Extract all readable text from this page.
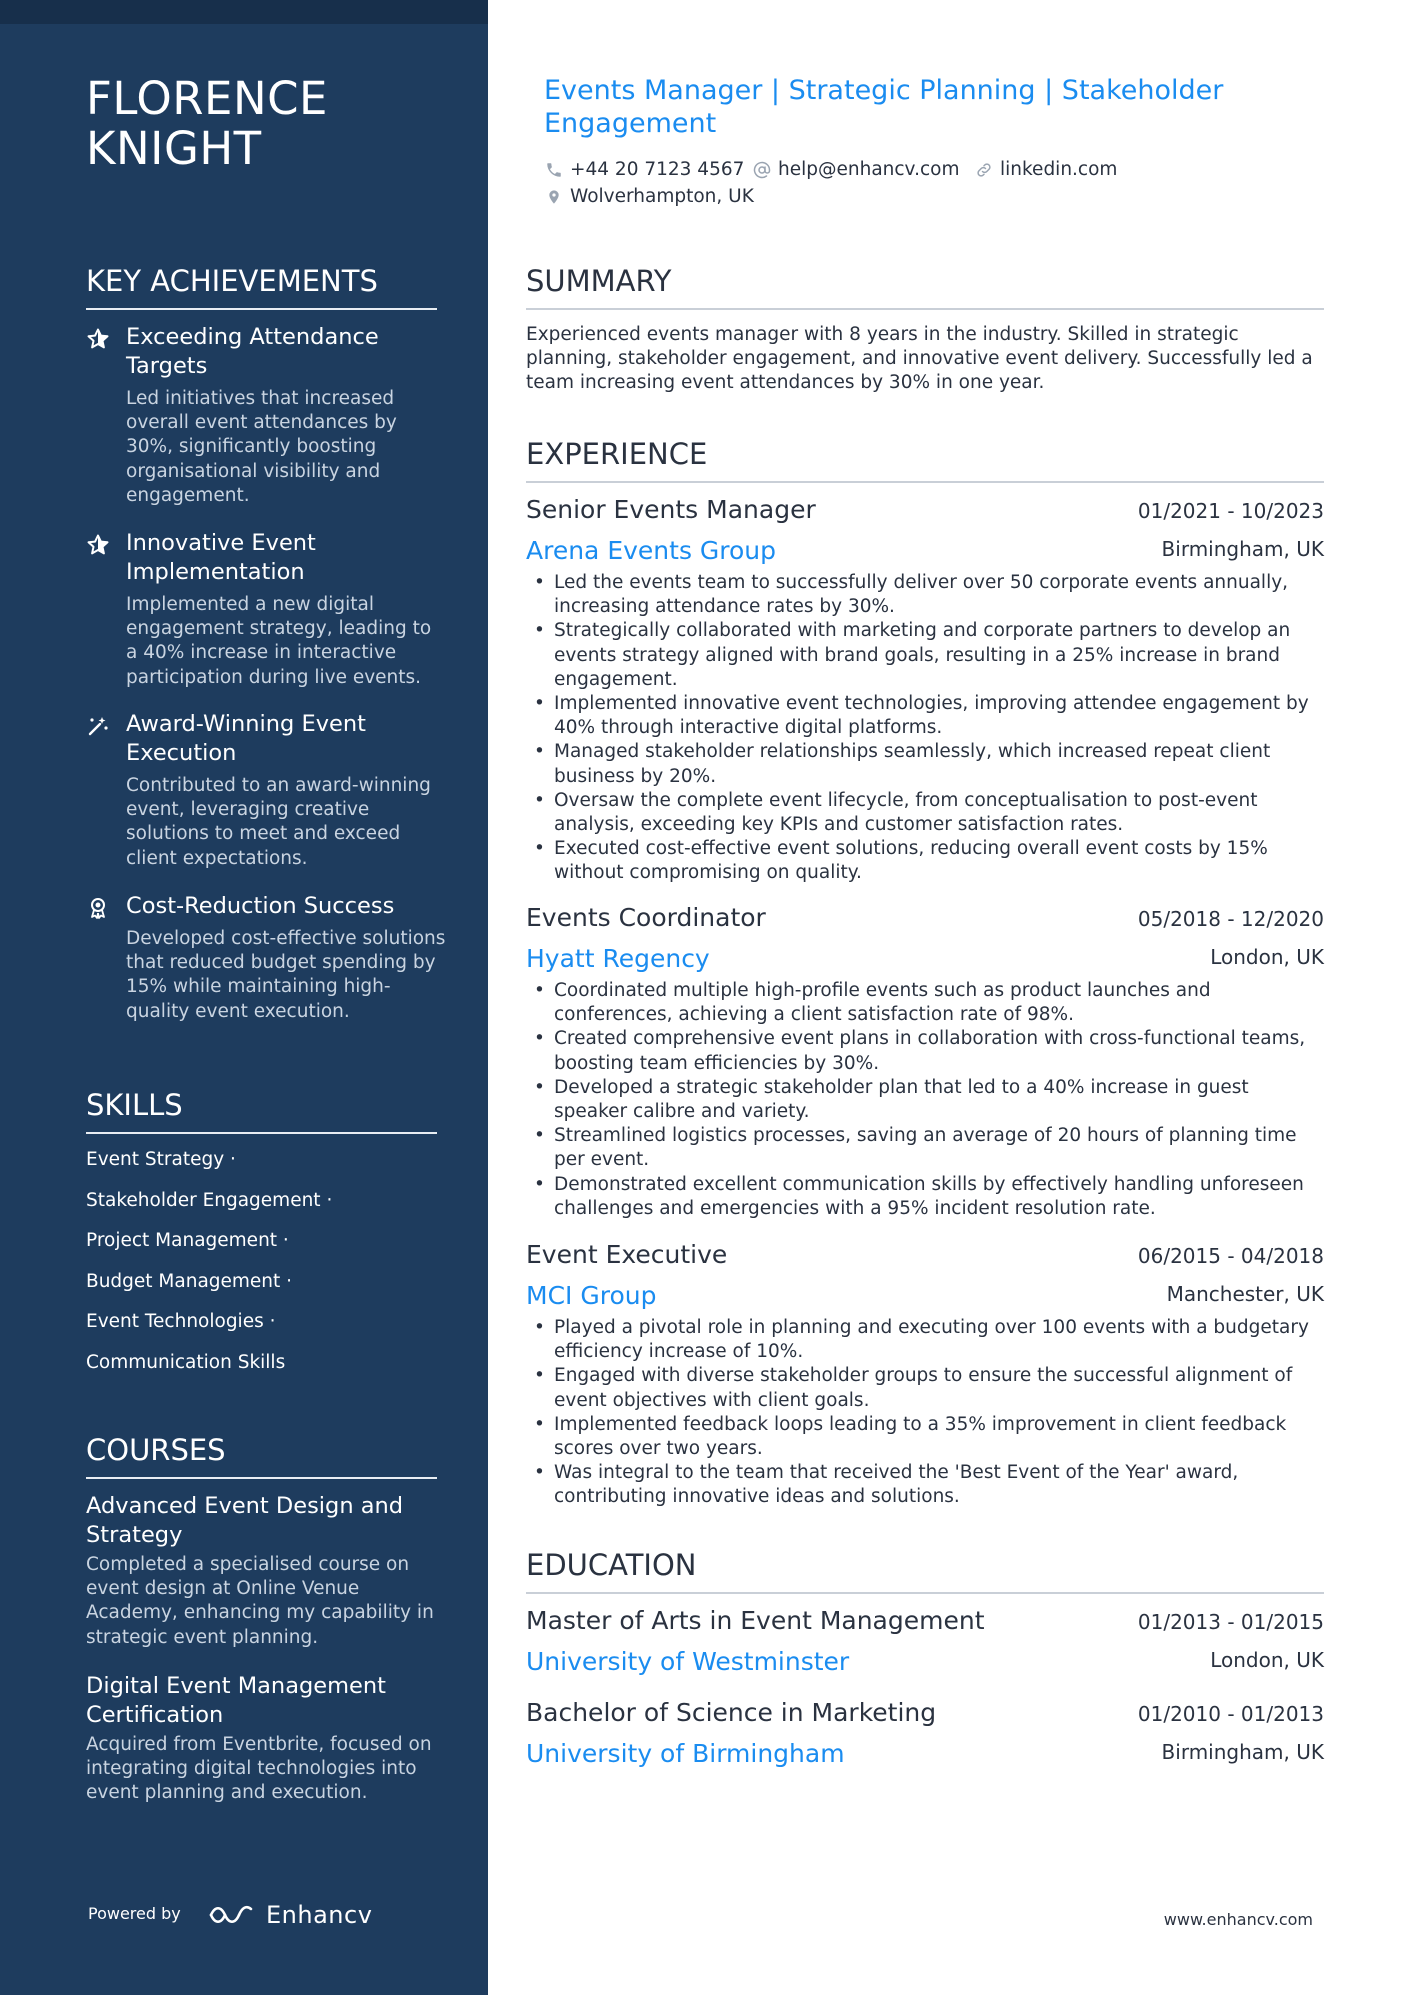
FLORENCE
KNIGHT
KEY ACHIEVEMENTS
Exceeding Attendance Targets
Led initiatives that increased overall event attendances by 30%, significantly boosting organisational visibility and engagement.
Innovative Event Implementation
Implemented a new digital engagement strategy, leading to a 40% increase in interactive participation during live events.
Award-Winning Event Execution
Contributed to an award-winning event, leveraging creative solutions to meet and exceed client expectations.
Cost-Reduction Success
Developed cost-effective solutions that reduced budget spending by 15% while maintaining high-quality event execution.
SKILLS
Event Strategy ·
Stakeholder Engagement ·
Project Management ·
Budget Management ·
Event Technologies ·
Communication Skills
COURSES
Advanced Event Design and Strategy
Completed a specialised course on event design at Online Venue Academy, enhancing my capability in strategic event planning.
Digital Event Management Certification
Acquired from Eventbrite, focused on integrating digital technologies into event planning and execution.
Powered by	Enhancv
Events Manager | Strategic Planning | Stakeholder Engagement
+44 20 7123 4567 help@enhancv.com linkedin.com
Wolverhampton, UK
SUMMARY
Experienced events manager with 8 years in the industry. Skilled in strategic planning, stakeholder engagement, and innovative event delivery. Successfully led a team increasing event attendances by 30% in one year.
EXPERIENCE
Senior Events Manager	01/2021 - 10/2023
Arena Events Group	Birmingham, UK
• Led the events team to successfully deliver over 50 corporate events annually, increasing attendance rates by 30%.
• Strategically collaborated with marketing and corporate partners to develop an events strategy aligned with brand goals, resulting in a 25% increase in brand engagement.
• Implemented innovative event technologies, improving attendee engagement by 40% through interactive digital platforms.
• Managed stakeholder relationships seamlessly, which increased repeat client business by 20%.
• Oversaw the complete event lifecycle, from conceptualisation to post-event analysis, exceeding key KPIs and customer satisfaction rates.
• Executed cost-effective event solutions, reducing overall event costs by 15% without compromising on quality.
Events Coordinator	05/2018 - 12/2020
Hyatt Regency	London, UK
• Coordinated multiple high-profile events such as product launches and conferences, achieving a client satisfaction rate of 98%.
• Created comprehensive event plans in collaboration with cross-functional teams, boosting team efficiencies by 30%.
• Developed a strategic stakeholder plan that led to a 40% increase in guest speaker calibre and variety.
• Streamlined logistics processes, saving an average of 20 hours of planning time per event.
• Demonstrated excellent communication skills by effectively handling unforeseen challenges and emergencies with a 95% incident resolution rate.
Event Executive	06/2015 - 04/2018
MCI Group	Manchester, UK
• Played a pivotal role in planning and executing over 100 events with a budgetary efficiency increase of 10%.
• Engaged with diverse stakeholder groups to ensure the successful alignment of event objectives with client goals.
• Implemented feedback loops leading to a 35% improvement in client feedback scores over two years.
• Was integral to the team that received the 'Best Event of the Year' award, contributing innovative ideas and solutions.
EDUCATION
Master of Arts in Event Management	01/2013 - 01/2015
University of Westminster	London, UK
Bachelor of Science in Marketing	01/2010 - 01/2013
University of Birmingham	Birmingham, UK
www.enhancv.com
